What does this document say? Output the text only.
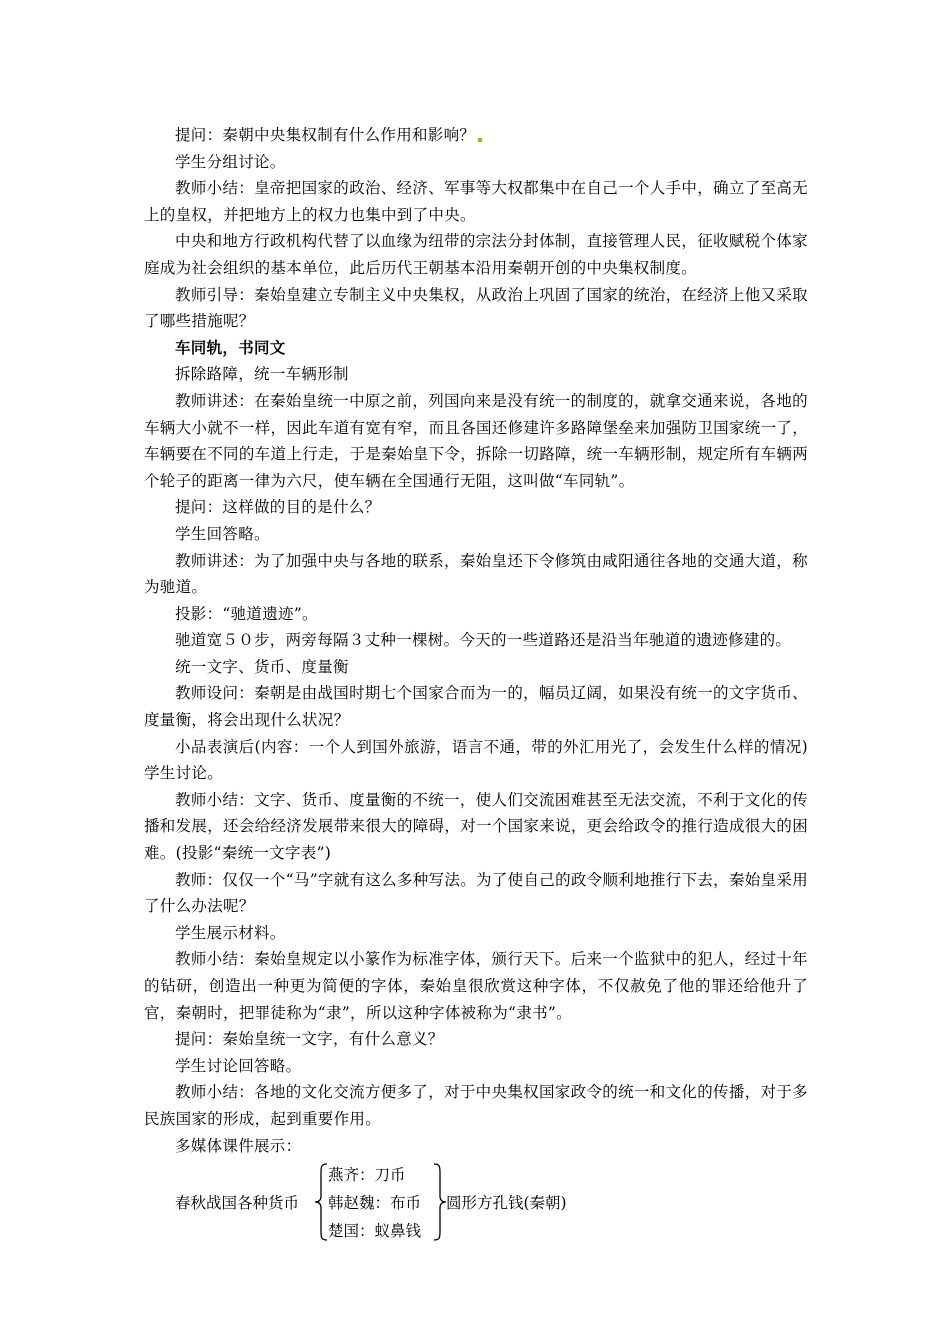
提问：秦朝中央集权制有什么作用和影响？

学生分组讨论。

教师小结：皇帝把国家的政治、经济、军事等大权都集中在自己一个人手中，确立了至高无上的皇权，并把地方上的权力也集中到了中央。

中央和地方行政机构代替了以血缘为纽带的宗法分封体制，直接管理人民，征收赋税个体家庭成为社会组织的基本单位，此后历代王朝基本沿用秦朝开创的中央集权制度。

教师引导：秦始皇建立专制主义中央集权，从政治上巩固了国家的统治，在经济上他又采取了哪些措施呢？

车同轨，书同文

拆除路障，统一车辆形制

教师讲述：在秦始皇统一中原之前，列国向来是没有统一的制度的，就拿交通来说，各地的车辆大小就不一样，因此车道有宽有窄，而且各国还修建许多路障堡垒来加强防卫国家统一了，车辆要在不同的车道上行走，于是秦始皇下令，拆除一切路障，统一车辆形制，规定所有车辆两个轮子的距离一律为六尺，使车辆在全国通行无阻，这叫做“车同轨”。

提问：这样做的目的是什么？

学生回答略。

教师讲述：为了加强中央与各地的联系，秦始皇还下令修筑由咸阳通往各地的交通大道，称为驰道。

投影：“驰道遗迹”。

驰道宽５０步，两旁每隔３丈种一棵树。今天的一些道路还是沿当年驰道的遗迹修建的。

统一文字、货币、度量衡

教师设问：秦朝是由战国时期七个国家合而为一的，幅员辽阔，如果没有统一的文字货币、度量衡，将会出现什么状况？

小品表演后(内容：一个人到国外旅游，语言不通，带的外汇用光了，会发生什么样的情况)学生讨论。

教师小结：文字、货币、度量衡的不统一，使人们交流困难甚至无法交流，不利于文化的传播和发展，还会给经济发展带来很大的障碍，对一个国家来说，更会给政令的推行造成很大的困难。(投影“秦统一文字表”)

教师：仅仅一个“马”字就有这么多种写法。为了使自己的政令顺利地推行下去，秦始皇采用了什么办法呢？

学生展示材料。

教师小结：秦始皇规定以小篆作为标准字体，颁行天下。后来一个监狱中的犯人，经过十年的钻研，创造出一种更为简便的字体，秦始皇很欣赏这种字体，不仅赦免了他的罪还给他升了官，秦朝时，把罪徒称为“隶”，所以这种字体被称为“隶书”。

提问：秦始皇统一文字，有什么意义？

学生讨论回答略。

教师小结：各地的文化交流方便多了，对于中央集权国家政令的统一和文化的传播，对于多民族国家的形成，起到重要作用。

多媒体课件展示：

春秋战国各种货币
燕齐：刀币
韩赵魏：布币
楚国：蚁鼻钱
圆形方孔钱(秦朝)
